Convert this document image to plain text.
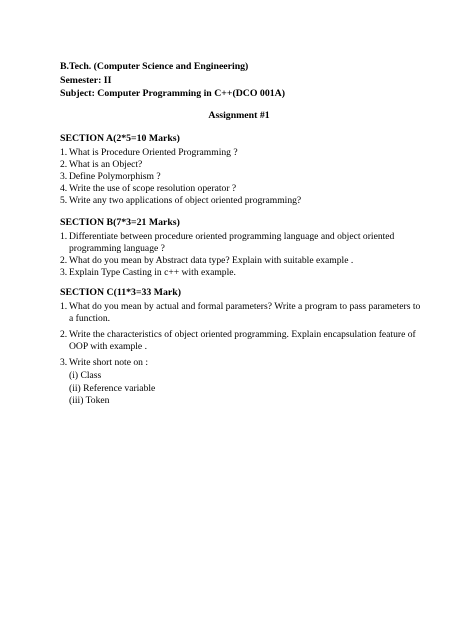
B.Tech. (Computer Science and Engineering)
Semester: II
Subject: Computer Programming in C++(DCO 001A)
Assignment #1
SECTION A(2*5=10 Marks)
1. What is Procedure Oriented Programming ?
2. What is an Object?
3. Define Polymorphism ?
4. Write the use of scope resolution operator ?
5. Write any two applications of object oriented programming?
SECTION B(7*3=21 Marks)
1. Differentiate between procedure oriented programming language and object oriented programming language ?
2. What do you mean by Abstract data type? Explain with suitable example .
3. Explain Type Casting in c++ with example.
SECTION C(11*3=33 Mark)
1. What do you mean by actual and formal parameters? Write a program to pass parameters to a function.
2. Write the characteristics of object oriented programming. Explain encapsulation feature of OOP with example .
3. Write short note on :
(i) Class
(ii) Reference variable
(iii) Token
